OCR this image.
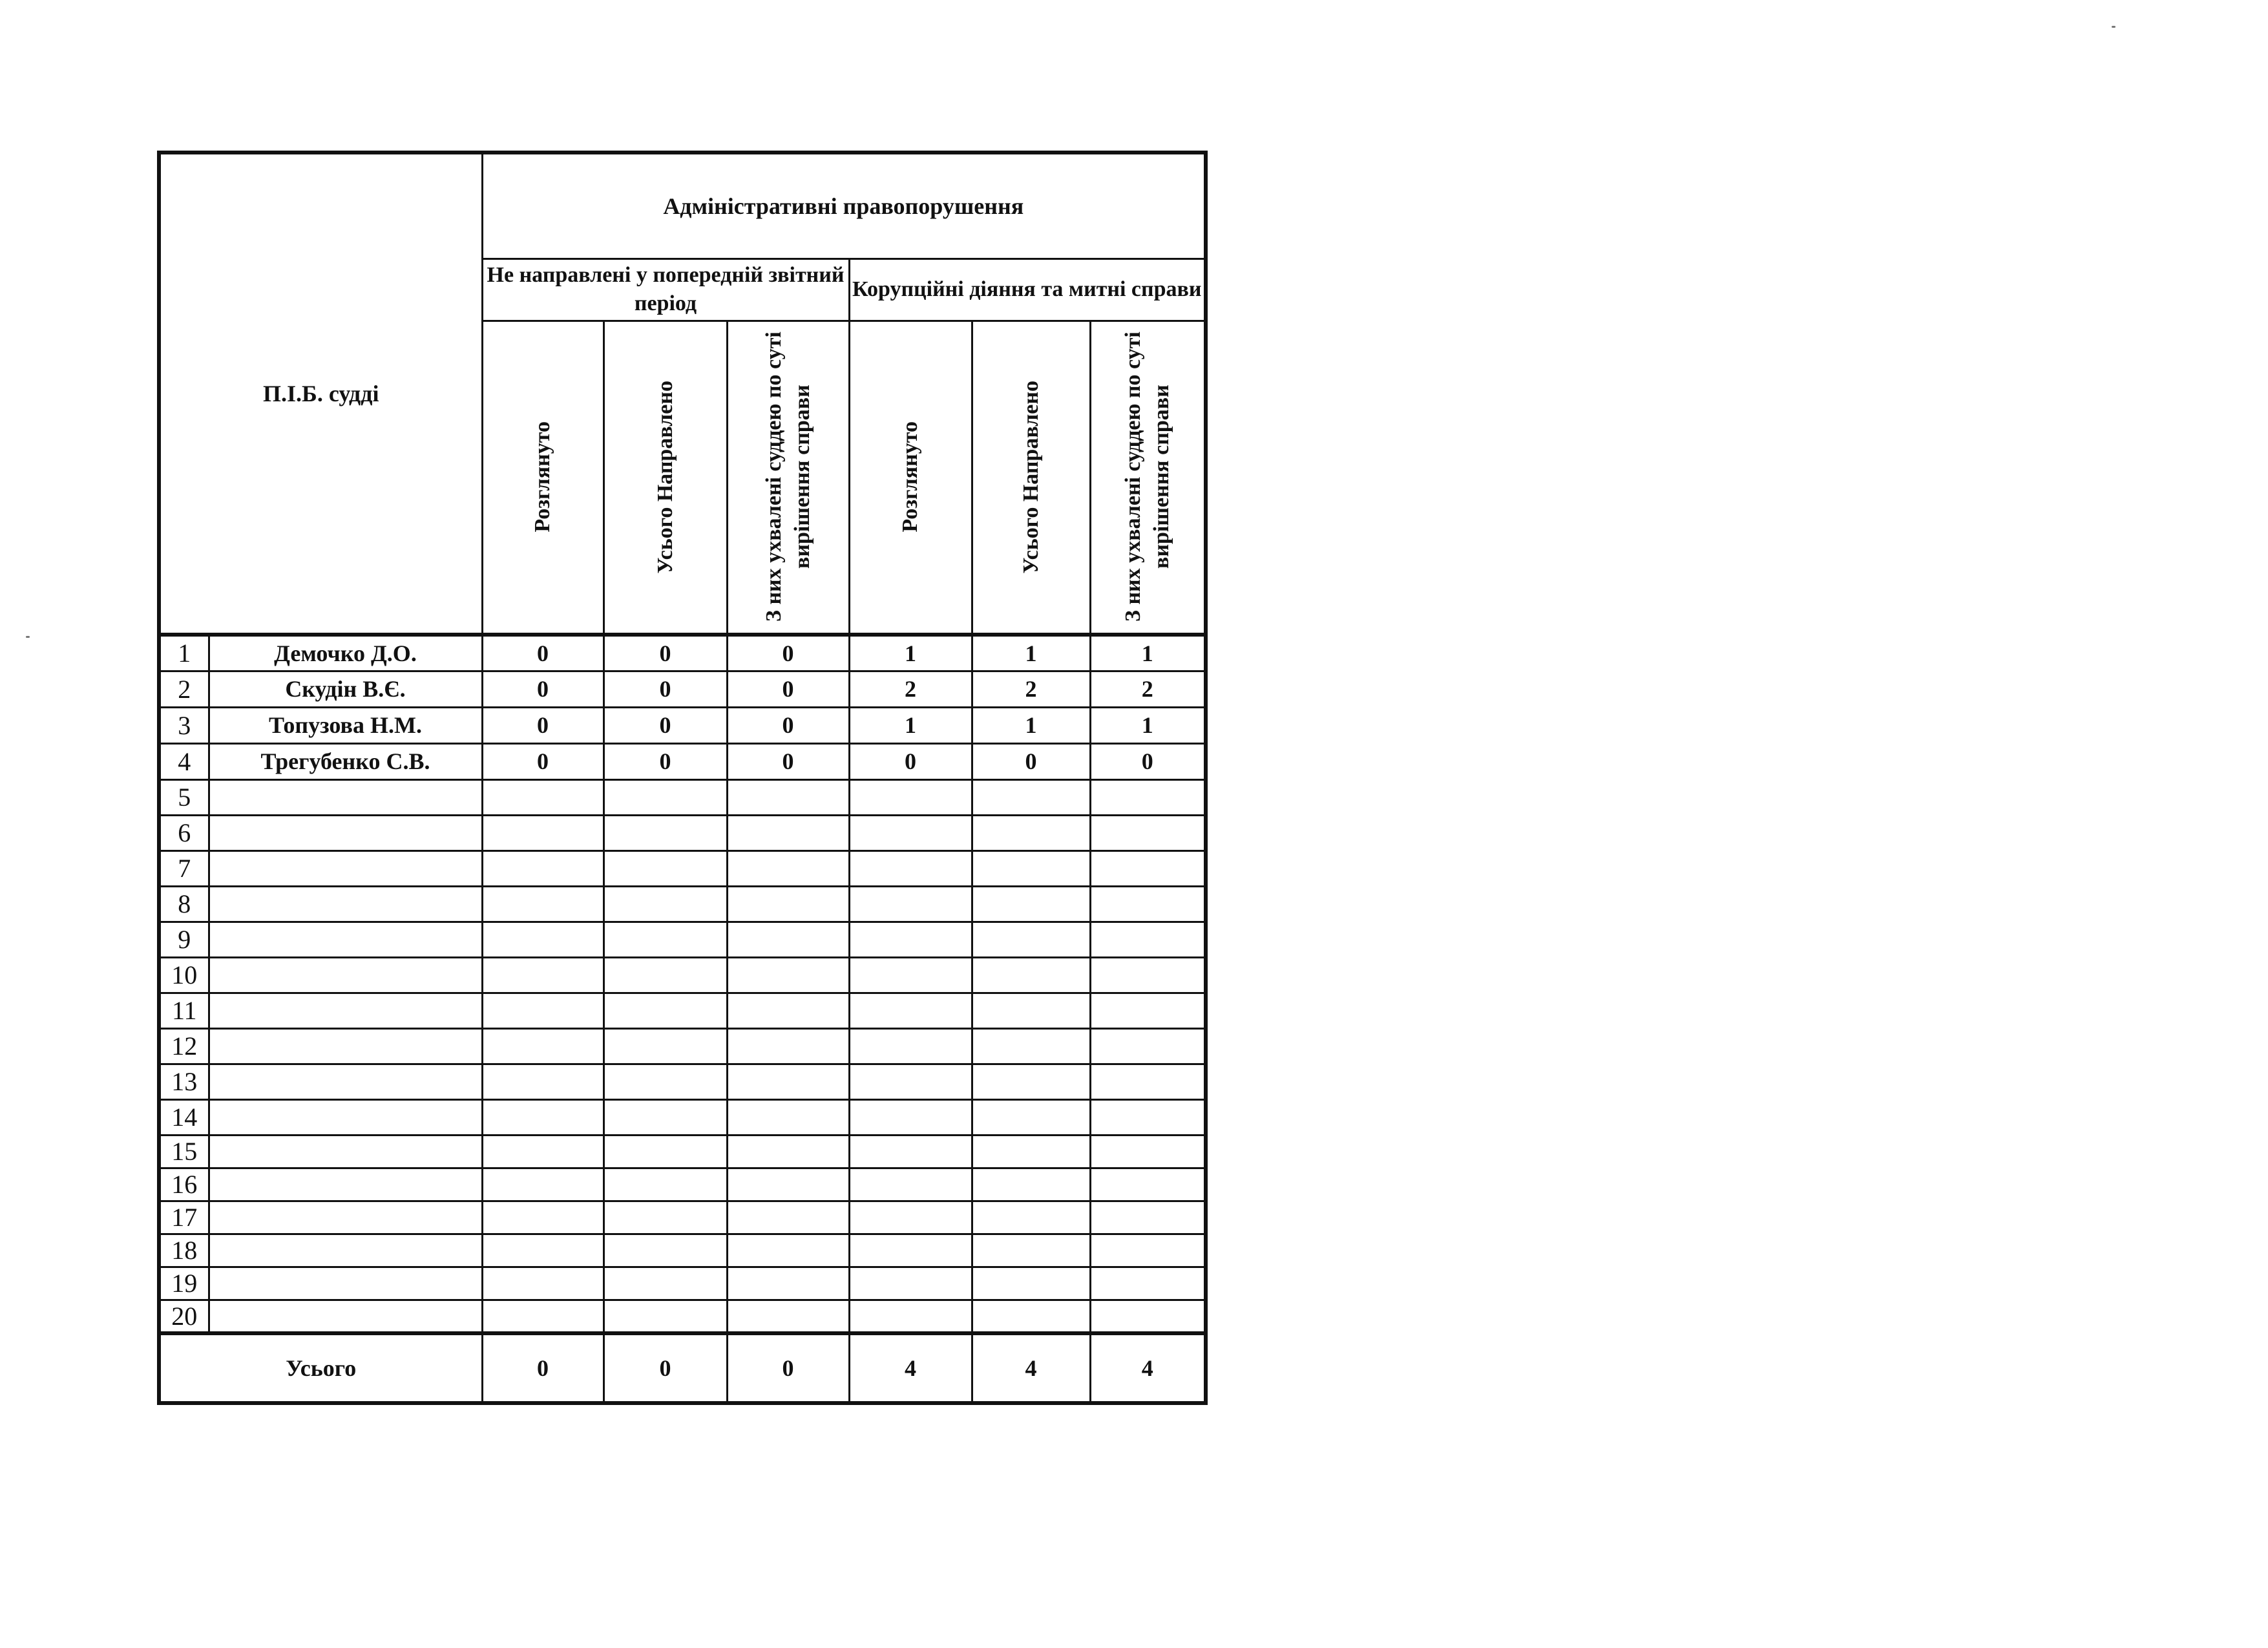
П.І.Б. судді		Адміністративні правопорушення					
		Не направлені у попередній звітний період			Корупційні діяння та митні справи		

		Розглянуто	Усього Направлено	З них ухвалені суддею по суті вирішення справи	Розглянуто	Усього Направлено	З них ухвалені суддею по суті вирішення справи

1	Демочко Д.О.	0	0	0	1	1	1
2	Скудін В.Є.	0	0	0	2	2	2
3	Топузова Н.М.	0	0	0	1	1	1
4	Трегубенко С.В.	0	0	0	0	0	0
5							
6							
7							
8							
9							
10							
11							
12							
13							
14							
15							
16							
17							
18							
19							
20							
Усього		0	0	0	4	4	4
